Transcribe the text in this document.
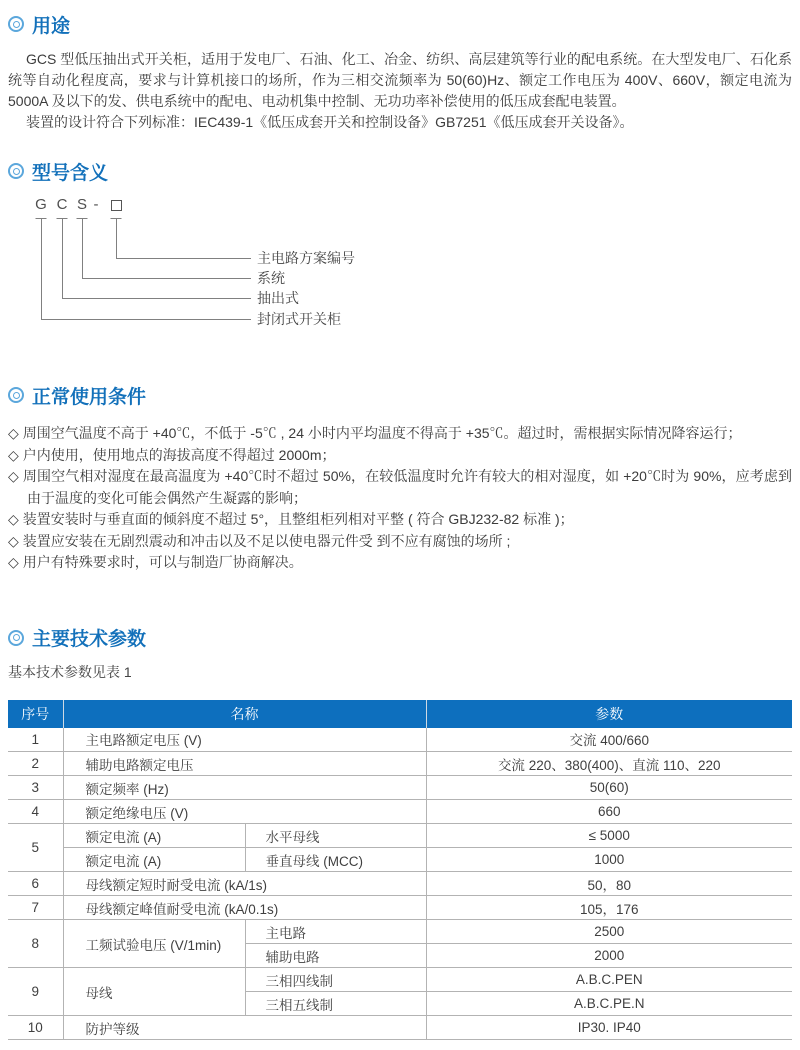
用途

GCS 型低压抽出式开关柜，适用于发电厂、石油、化工、冶金、纺织、高层建筑等行业的配电系统。在大型发电厂、石化系统等自动化程度高，要求与计算机接口的场所，作为三相交流频率为 50(60)Hz、额定工作电压为 400V、660V，额定电流为 5000A 及以下的发、供电系统中的配电、电动机集中控制、无功功率补偿使用的低压成套配电装置。

装置的设计符合下列标准：IEC439-1《低压成套开关和控制设备》GB7251《低压成套开关设备》。

型号含义
G C S -
主电路方案编号
系统
抽出式
封闭式开关柜
正常使用条件
◇ 周围空气温度不高于 +40℃，不低于 -5℃ , 24 小时内平均温度不得高于 +35℃。超过时，需根据实际情况降容运行；
◇ 户内使用，使用地点的海拔高度不得超过 2000m；
◇ 周围空气相对湿度在最高温度为 +40℃时不超过 50%，在较低温度时允许有较大的相对湿度，如 +20℃时为 90%，应考虑到由于温度的变化可能会偶然产生凝露的影响；
◇ 装置安装时与垂直面的倾斜度不超过 5°，且整组柜列相对平整 ( 符合 GBJ232-82 标准 )；
◇ 装置应安装在无剧烈震动和冲击以及不足以使电器元件受 到不应有腐蚀的场所 ;
◇ 用户有特殊要求时，可以与制造厂协商解决。
主要技术参数
基本技术参数见表 1
序号	名称		参数
1	主电路额定电压 (V)		交流 400/660
2	辅助电路额定电压		交流 220、380(400)、直流 110、220
3	额定频率 (Hz)		50(60)
4	额定绝缘电压 (V)		660
5	额定电流 (A)	水平母线	≤ 5000
	额定电流 (A)	垂直母线 (MCC)	1000
6	母线额定短时耐受电流 (kA/1s)		50，80
7	母线额定峰值耐受电流 (kA/0.1s)		105，176
8	工频试验电压 (V/1min)	主电路	2500
		辅助电路	2000
9	母线	三相四线制	A.B.C.PEN
		三相五线制	A.B.C.PE.N
10	防护等级		IP30. IP40
